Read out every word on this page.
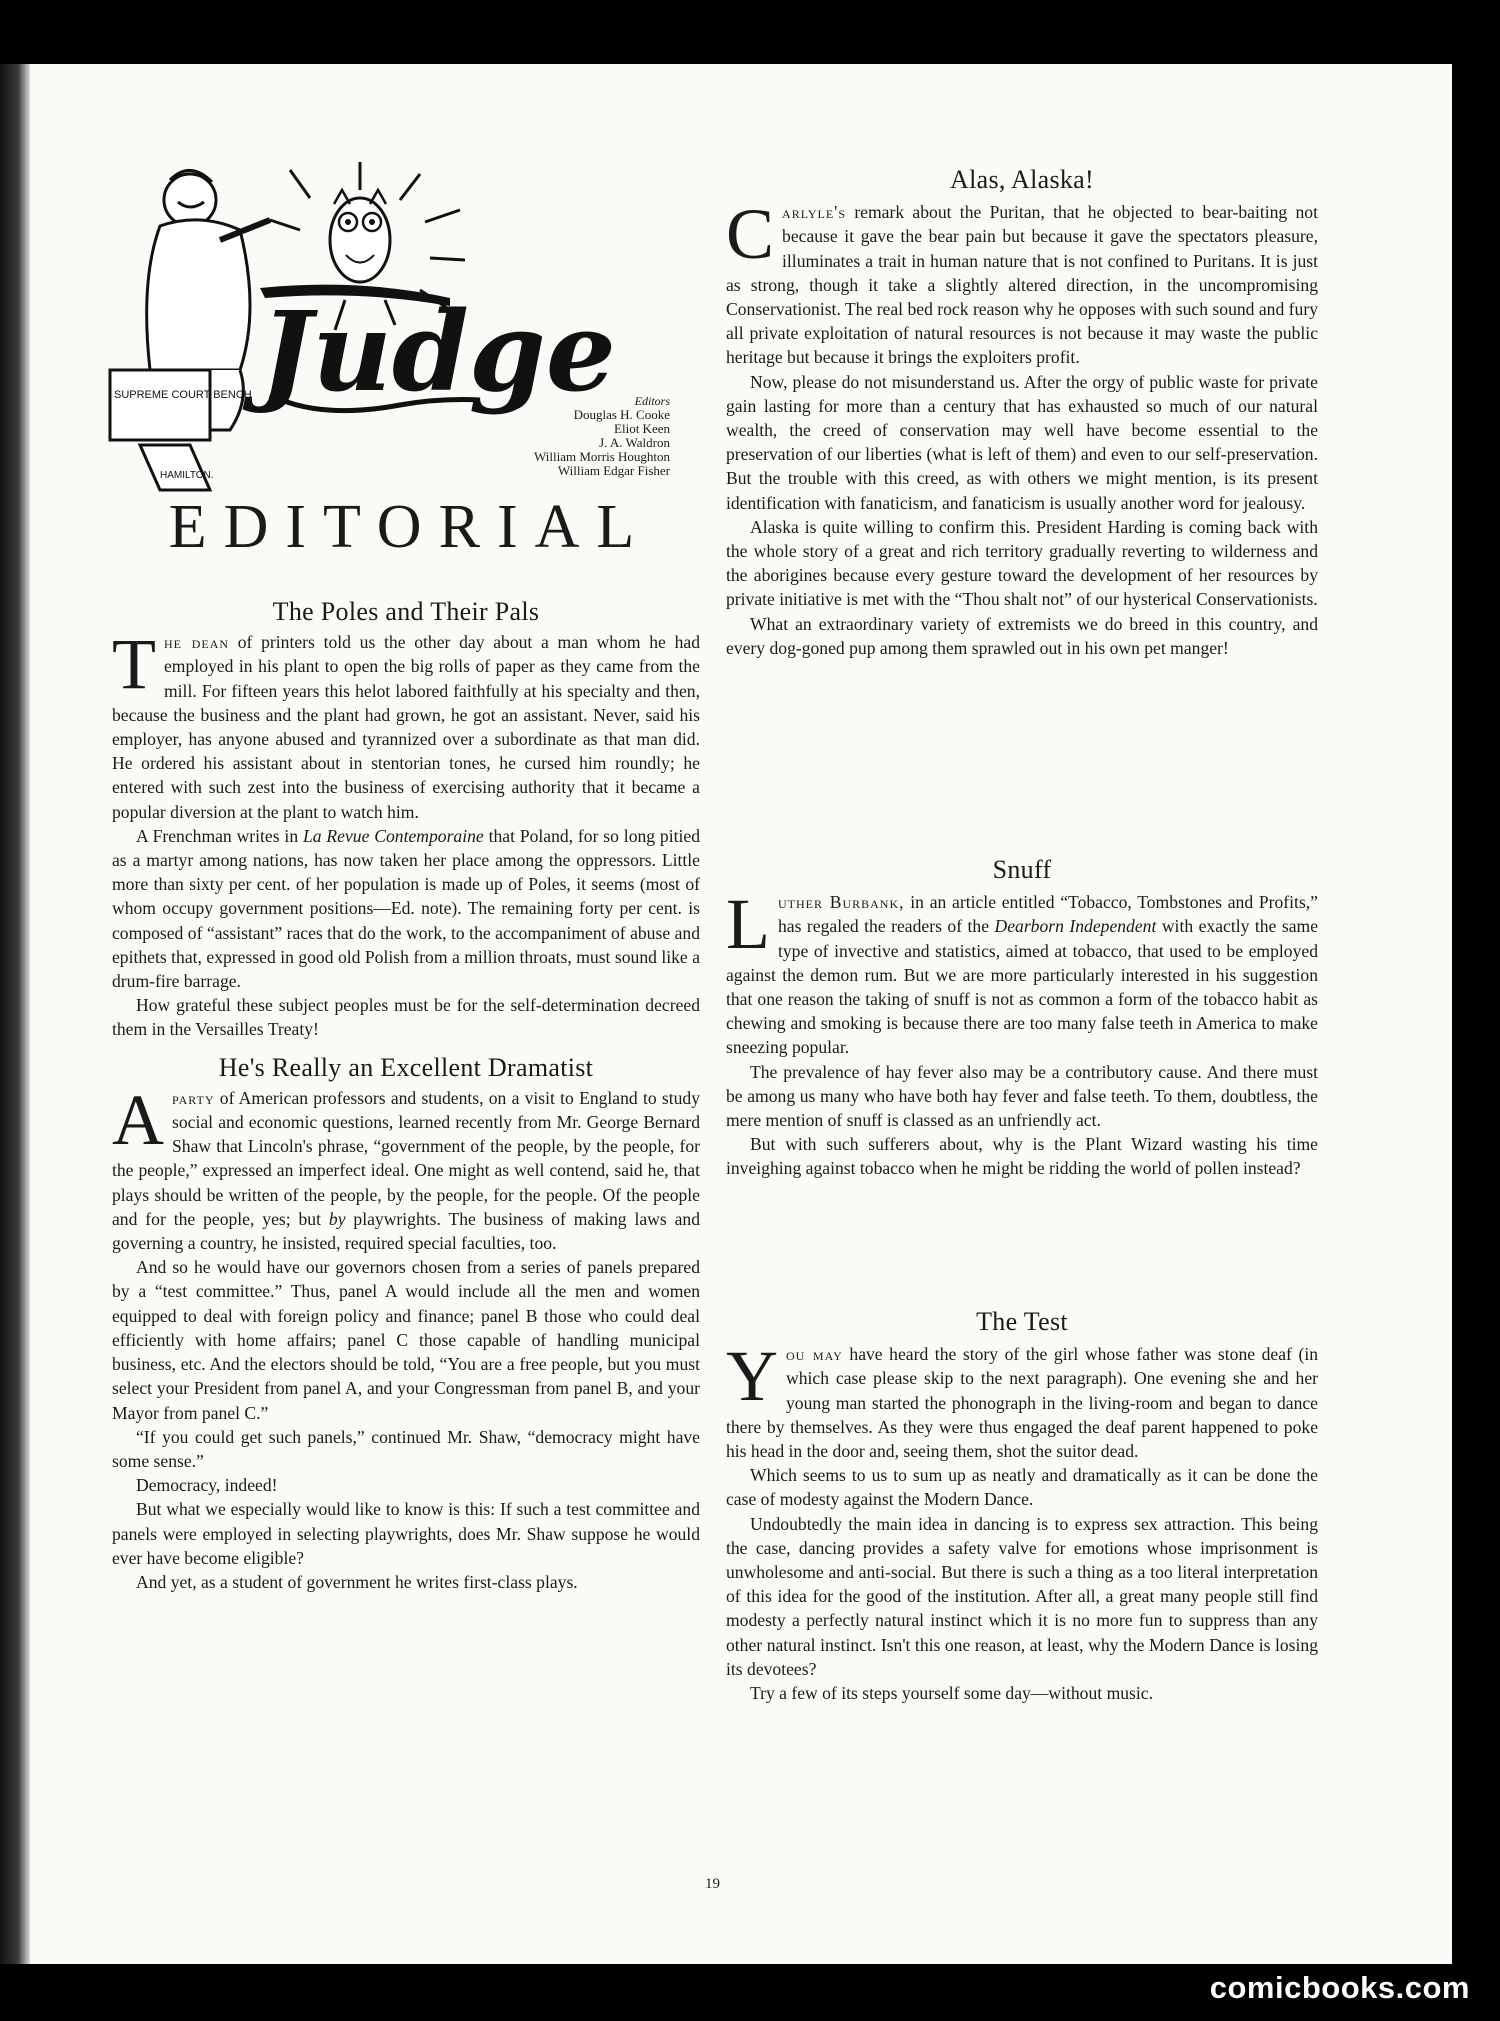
Judge
SUPREME COURT BENCH
HAMILTON.
Editors
Douglas H. Cooke
Eliot Keen
J. A. Waldron
William Morris Houghton
William Edgar Fisher
EDITORIAL
The Poles and Their Pals

The dean of printers told us the other day about a man whom he had employed in his plant to open the big rolls of paper as they came from the mill. For fifteen years this helot labored faithfully at his specialty and then, because the business and the plant had grown, he got an assistant. Never, said his employer, has anyone abused and tyrannized over a subordinate as that man did. He ordered his assistant about in stentorian tones, he cursed him roundly; he entered with such zest into the business of exercising authority that it became a popular diversion at the plant to watch him.

A Frenchman writes in La Revue Contemporaine that Poland, for so long pitied as a martyr among nations, has now taken her place among the oppressors. Little more than sixty per cent. of her population is made up of Poles, it seems (most of whom occupy government positions—Ed. note). The remaining forty per cent. is composed of “assistant” races that do the work, to the accompaniment of abuse and epithets that, expressed in good old Polish from a million throats, must sound like a drum-fire barrage.

How grateful these subject peoples must be for the self-determination decreed them in the Versailles Treaty!

He's Really an Excellent Dramatist

Aparty of American professors and students, on a visit to England to study social and economic questions, learned recently from Mr. George Bernard Shaw that Lincoln's phrase, “government of the people, by the people, for the people,” expressed an imperfect ideal. One might as well contend, said he, that plays should be written of the people, by the people, for the people. Of the people and for the people, yes; but by playwrights. The business of making laws and governing a country, he insisted, required special faculties, too.

And so he would have our governors chosen from a series of panels prepared by a “test committee.” Thus, panel A would include all the men and women equipped to deal with foreign policy and finance; panel B those who could deal efficiently with home affairs; panel C those capable of handling municipal business, etc. And the electors should be told, “You are a free people, but you must select your President from panel A, and your Congressman from panel B, and your Mayor from panel C.”

“If you could get such panels,” continued Mr. Shaw, “democracy might have some sense.”

Democracy, indeed!

But what we especially would like to know is this: If such a test committee and panels were employed in selecting playwrights, does Mr. Shaw suppose he would ever have become eligible?

And yet, as a student of government he writes first-class plays.

Alas, Alaska!

Carlyle's remark about the Puritan, that he objected to bear-baiting not because it gave the bear pain but because it gave the spectators pleasure, illuminates a trait in human nature that is not confined to Puritans. It is just as strong, though it take a slightly altered direction, in the uncompromising Conservationist. The real bed rock reason why he opposes with such sound and fury all private exploitation of natural resources is not because it may waste the public heritage but because it brings the exploiters profit.

Now, please do not misunderstand us. After the orgy of public waste for private gain lasting for more than a century that has exhausted so much of our natural wealth, the creed of conservation may well have become essential to the preservation of our liberties (what is left of them) and even to our self-preservation. But the trouble with this creed, as with others we might mention, is its present identification with fanaticism, and fanaticism is usually another word for jealousy.

Alaska is quite willing to confirm this. President Harding is coming back with the whole story of a great and rich territory gradually reverting to wilderness and the aborigines because every gesture toward the development of her resources by private initiative is met with the “Thou shalt not” of our hysterical Conservationists.

What an extraordinary variety of extremists we do breed in this country, and every dog-goned pup among them sprawled out in his own pet manger!

Snuff

Luther Burbank, in an article entitled “Tobacco, Tombstones and Profits,” has regaled the readers of the Dearborn Independent with exactly the same type of invective and statistics, aimed at tobacco, that used to be employed against the demon rum. But we are more particularly interested in his suggestion that one reason the taking of snuff is not as common a form of the tobacco habit as chewing and smoking is because there are too many false teeth in America to make sneezing popular.

The prevalence of hay fever also may be a contributory cause. And there must be among us many who have both hay fever and false teeth. To them, doubtless, the mere mention of snuff is classed as an unfriendly act.

But with such sufferers about, why is the Plant Wizard wasting his time inveighing against tobacco when he might be ridding the world of pollen instead?

The Test

You may have heard the story of the girl whose father was stone deaf (in which case please skip to the next paragraph). One evening she and her young man started the phonograph in the living-room and began to dance there by themselves. As they were thus engaged the deaf parent happened to poke his head in the door and, seeing them, shot the suitor dead.

Which seems to us to sum up as neatly and dramatically as it can be done the case of modesty against the Modern Dance.

Undoubtedly the main idea in dancing is to express sex attraction. This being the case, dancing provides a safety valve for emotions whose imprisonment is unwholesome and anti-social. But there is such a thing as a too literal interpretation of this idea for the good of the institution. After all, a great many people still find modesty a perfectly natural instinct which it is no more fun to suppress than any other natural instinct. Isn't this one reason, at least, why the Modern Dance is losing its devotees?

Try a few of its steps yourself some day—without music.

19
comicbooks.com
